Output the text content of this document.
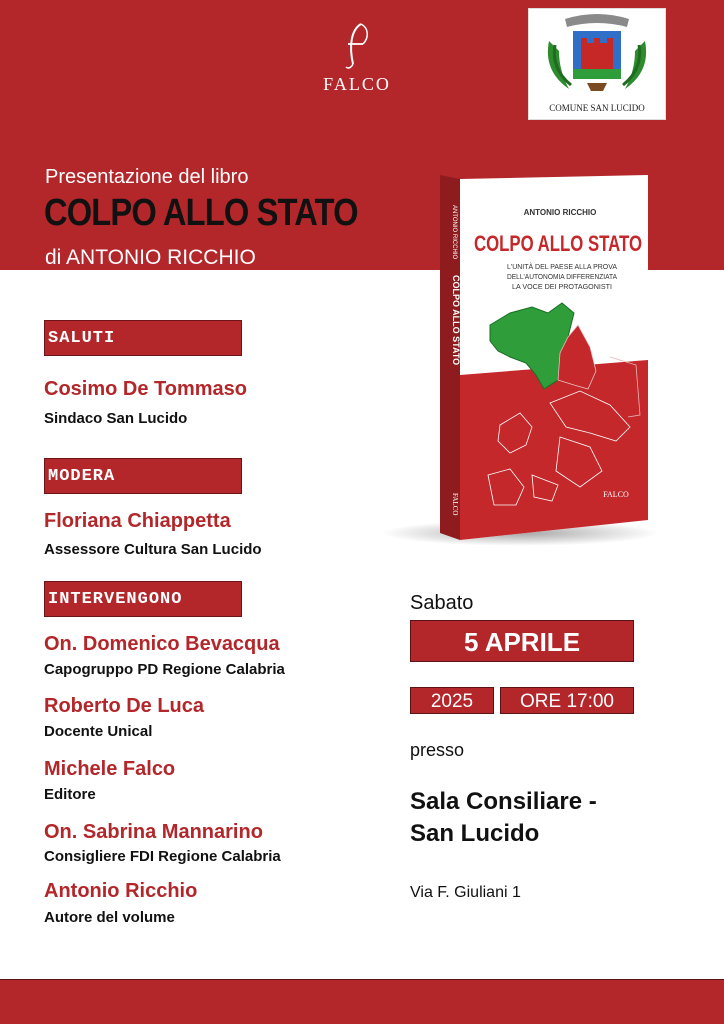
FALCO
COMUNE SAN LUCIDO
Presentazione del libro
COLPO ALLO STATO
di ANTONIO RICCHIO
SALUTI
Cosimo De Tommaso
Sindaco San Lucido
MODERA
Floriana Chiappetta
Assessore Cultura San Lucido
INTERVENGONO
On. Domenico Bevacqua
Capogruppo PD Regione Calabria
Roberto De Luca
Docente Unical
Michele Falco
Editore
On. Sabrina Mannarino
Consigliere FDI Regione Calabria
Antonio Ricchio
Autore del volume
ANTONIO RICCHIO
COLPO ALLO STATO
L'UNITÀ DEL PAESE ALLA PROVA
DELL'AUTONOMIA DIFFERENZIATA
LA VOCE DEI PROTAGONISTI
COLPO ALLO STATO
ANTONIO RICCHIO
FALCO	FALCO
Sabato
5 APRILE
2025	ORE 17:00
presso
Sala Consiliare -
San Lucido
Via F. Giuliani 1
